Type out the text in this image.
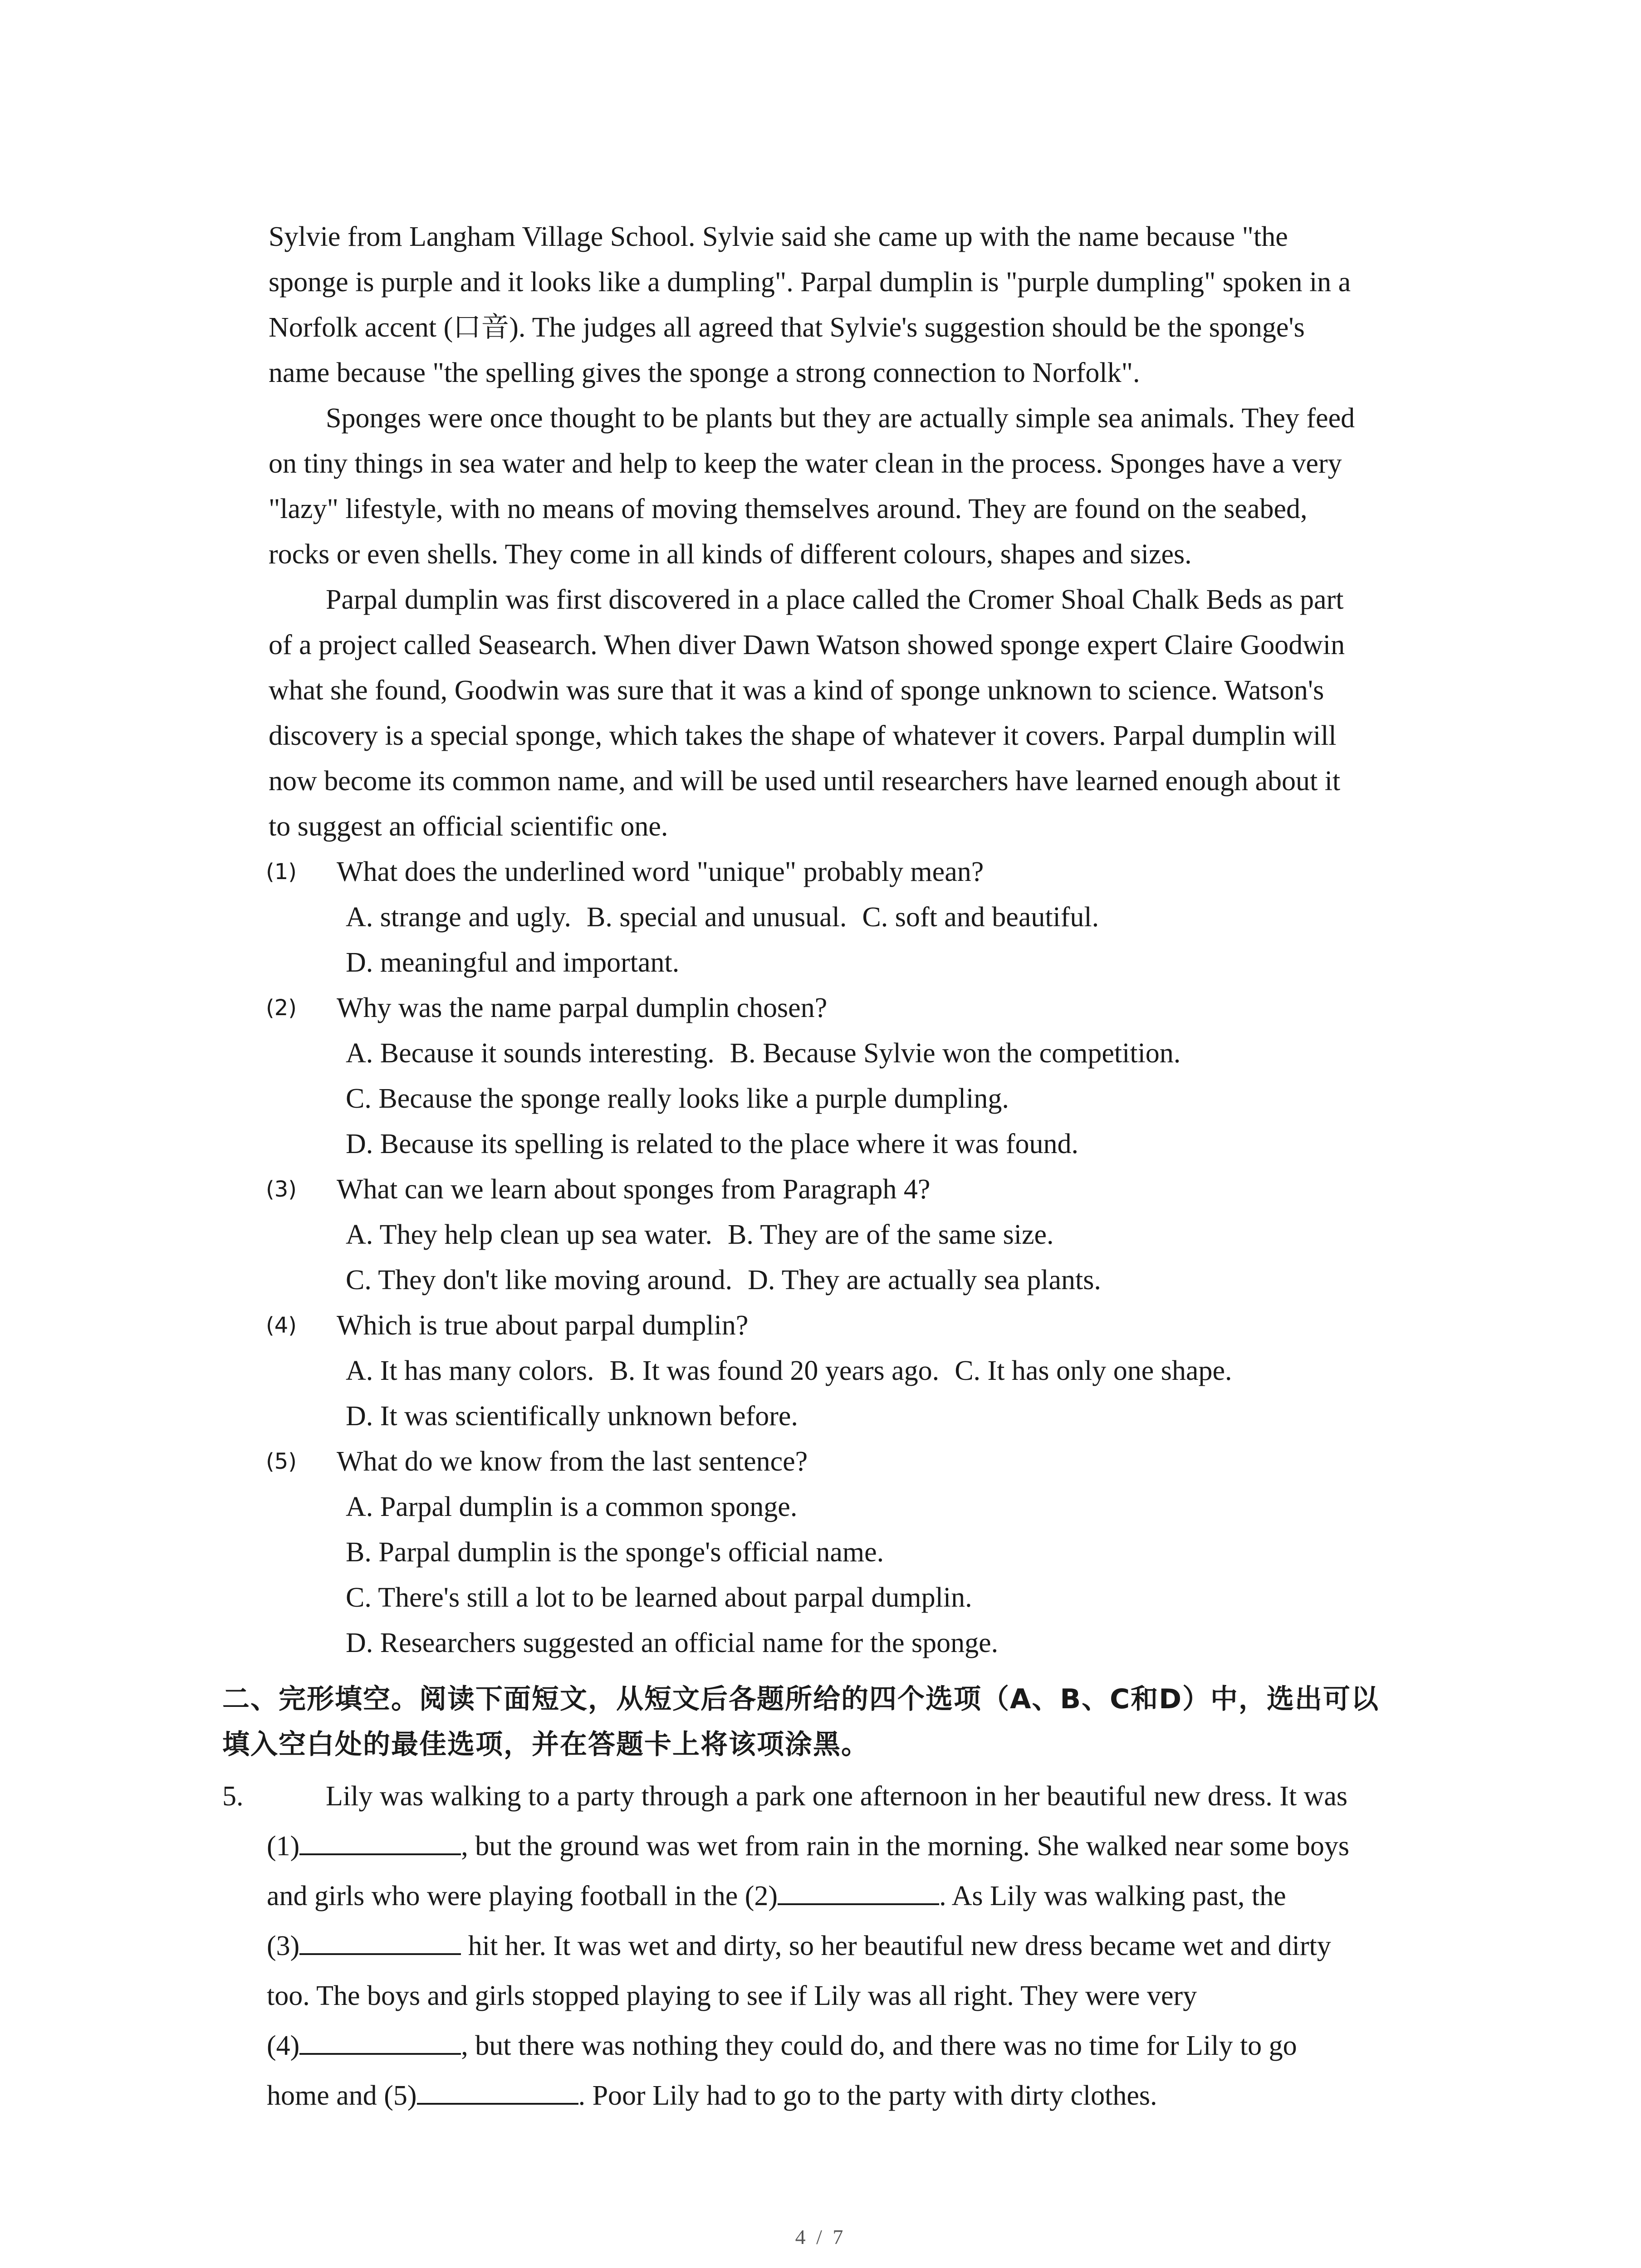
Sylvie from Langham Village School. Sylvie said she came up with the name because "the
sponge is purple and it looks like a dumpling". Parpal dumplin is "purple dumpling" spoken in a
Norfolk accent (口音). The judges all agreed that Sylvie's suggestion should be the sponge's
name because "the spelling gives the sponge a strong connection to Norfolk".
Sponges were once thought to be plants but they are actually simple sea animals. They feed
on tiny things in sea water and help to keep the water clean in the process. Sponges have a very
"lazy" lifestyle, with no means of moving themselves around. They are found on the seabed,
rocks or even shells. They come in all kinds of different colours, shapes and sizes.
Parpal dumplin was first discovered in a place called the Cromer Shoal Chalk Beds as part
of a project called Seasearch. When diver Dawn Watson showed sponge expert Claire Goodwin
what she found, Goodwin was sure that it was a kind of sponge unknown to science. Watson's
discovery is a special sponge, which takes the shape of whatever it covers. Parpal dumplin will
now become its common name, and will be used until researchers have learned enough about it
to suggest an official scientific one.
(1) What does the underlined word "unique" probably mean?
A. strange and ugly. B. special and unusual. C. soft and beautiful.
D. meaningful and important.
(2) Why was the name parpal dumplin chosen?
A. Because it sounds interesting. B. Because Sylvie won the competition.
C. Because the sponge really looks like a purple dumpling.
D. Because its spelling is related to the place where it was found.
(3) What can we learn about sponges from Paragraph 4?
A. They help clean up sea water. B. They are of the same size.
C. They don't like moving around. D. They are actually sea plants.
(4) Which is true about parpal dumplin?
A. It has many colors. B. It was found 20 years ago. C. It has only one shape.
D. It was scientifically unknown before.
(5) What do we know from the last sentence?
A. Parpal dumplin is a common sponge.
B. Parpal dumplin is the sponge's official name.
C. There's still a lot to be learned about parpal dumplin.
D. Researchers suggested an official name for the sponge.
二、完形填空。阅读下面短文，从短文后各题所给的四个选项（A、B、C和D）中，选出可以
填入空白处的最佳选项，并在答题卡上将该项涂黑。
5.	Lily was walking to a party through a park one afternoon in her beautiful new dress. It was
(1)	, but the ground was wet from rain in the morning. She walked near some boys
and girls who were playing football in the (2)	. As Lily was walking past, the
(3)	hit her. It was wet and dirty, so her beautiful new dress became wet and dirty
too. The boys and girls stopped playing to see if Lily was all right. They were very
(4)	, but there was nothing they could do, and there was no time for Lily to go
home and (5)	. Poor Lily had to go to the party with dirty clothes.
4 / 7
